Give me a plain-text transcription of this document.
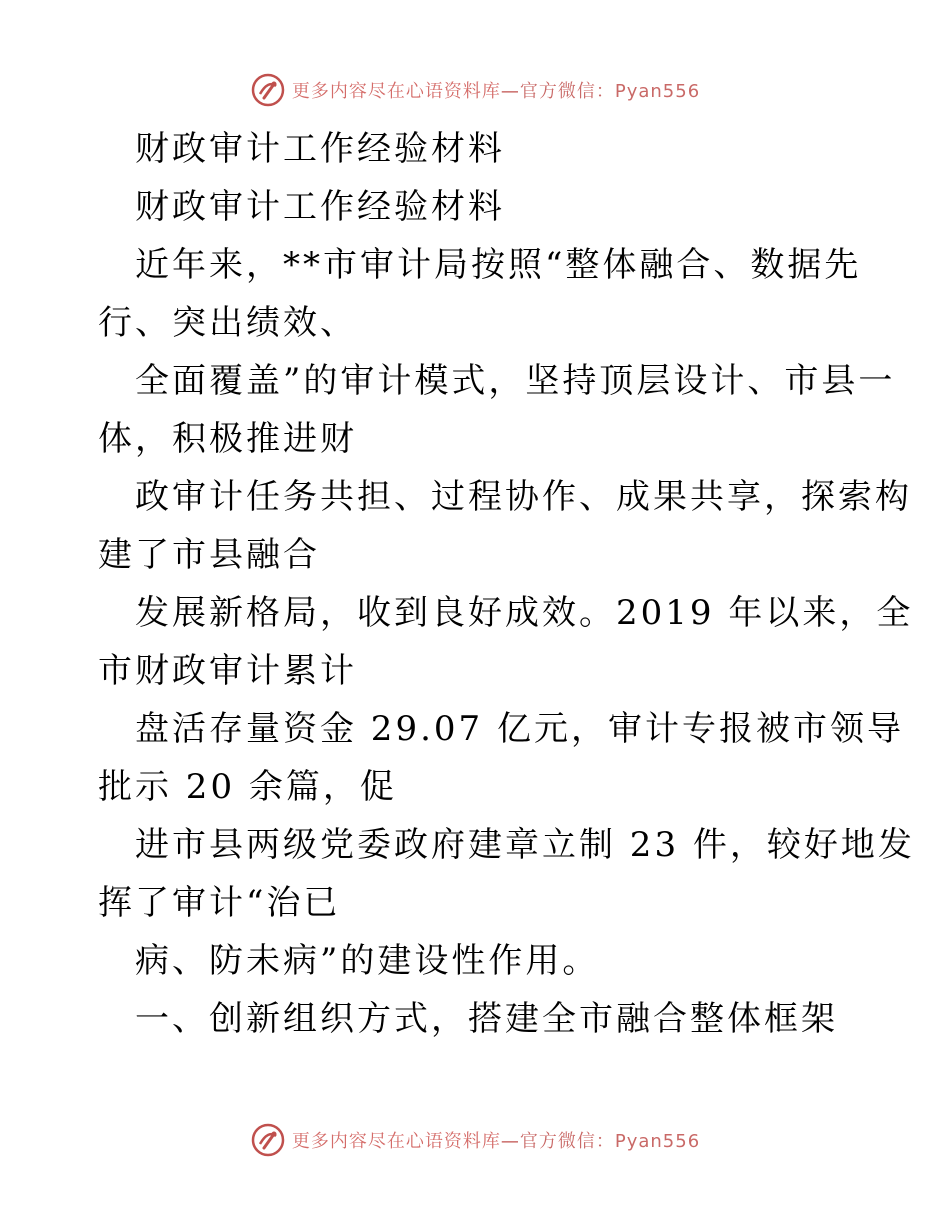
更多内容尽在心语资料库—官方微信：Pyan556
财政审计工作经验材料
财政审计工作经验材料
近年来，**市审计局按照“整体融合、数据先
行、突出绩效、
全面覆盖”的审计模式，坚持顶层设计、市县一
体，积极推进财
政审计任务共担、过程协作、成果共享，探索构
建了市县融合
发展新格局，收到良好成效。2019 年以来，全
市财政审计累计
盘活存量资金 29.07 亿元，审计专报被市领导
批示 20 余篇，促
进市县两级党委政府建章立制 23 件，较好地发
挥了审计“治已
病、防未病”的建设性作用。
一、创新组织方式，搭建全市融合整体框架
更多内容尽在心语资料库—官方微信：Pyan556
